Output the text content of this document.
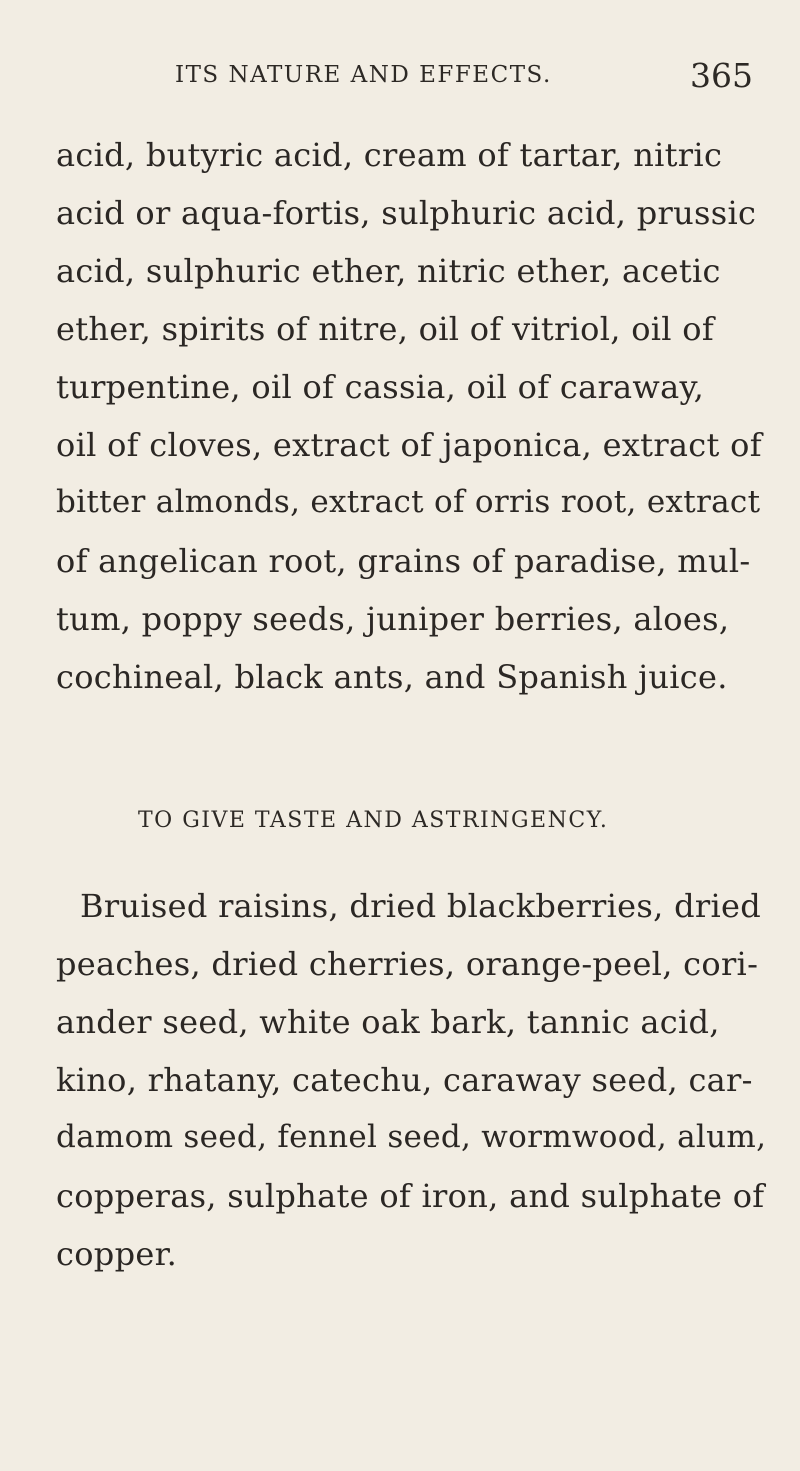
ITS NATURE AND EFFECTS.	365
acid, butyric acid, cream of tartar, nitric
acid or aqua-fortis, sulphuric acid, prussic
acid, sulphuric ether, nitric ether, acetic
ether, spirits of nitre, oil of vitriol, oil of
turpentine, oil of cassia, oil of caraway,
oil of cloves, extract of japonica, extract of
bitter almonds, extract of orris root, extract
of angelican root, grains of paradise, mul-
tum, poppy seeds, juniper berries, aloes,
cochineal, black ants, and Spanish juice.
TO GIVE TASTE AND ASTRINGENCY.
Bruised raisins, dried blackberries, dried
peaches, dried cherries, orange-peel, cori-
ander seed, white oak bark, tannic acid,
kino, rhatany, catechu, caraway seed, car-
damom seed, fennel seed, wormwood, alum,
copperas, sulphate of iron, and sulphate of
copper.
